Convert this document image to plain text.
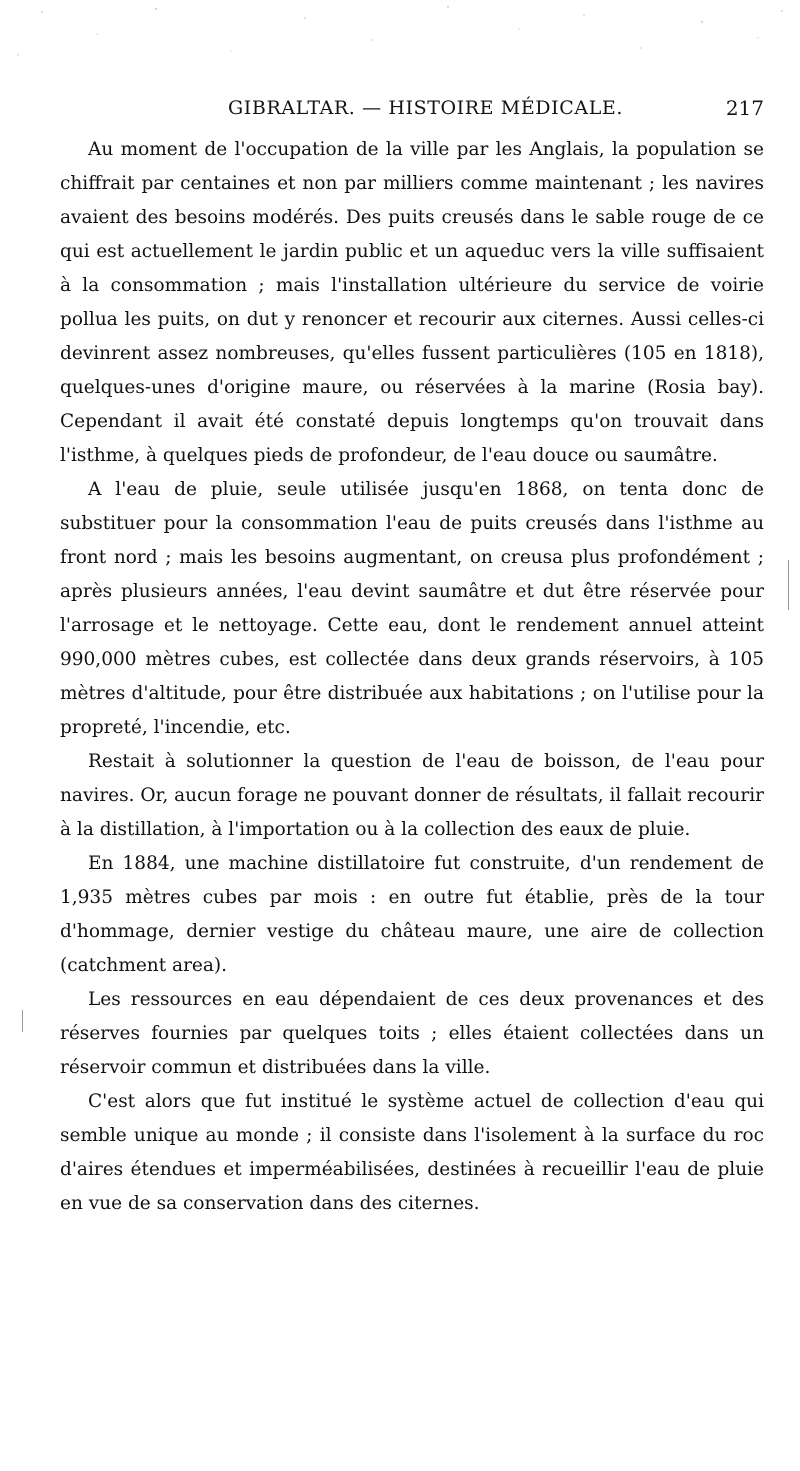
GIBRALTAR. — HISTOIRE MÉDICALE.	217

Au moment de l'occupation de la ville par les Anglais, la population se chiffrait par centaines et non par milliers comme maintenant ; les navires avaient des besoins modérés. Des puits creusés dans le sable rouge de ce qui est actuellement le jardin public et un aqueduc vers la ville suffisaient à la consommation ; mais l'installation ultérieure du service de voirie pollua les puits, on dut y renoncer et recourir aux citernes. Aussi celles-ci devinrent assez nombreuses, qu'elles fussent particulières (105 en 1818), quelques-unes d'origine maure, ou réservées à la marine (Rosia bay). Cependant il avait été constaté depuis longtemps qu'on trouvait dans l'isthme, à quelques pieds de profondeur, de l'eau douce ou saumâtre.

A l'eau de pluie, seule utilisée jusqu'en 1868, on tenta donc de substituer pour la consommation l'eau de puits creusés dans l'isthme au front nord ; mais les besoins augmentant, on creusa plus profondément ; après plusieurs années, l'eau devint saumâtre et dut être réservée pour l'arrosage et le nettoyage. Cette eau, dont le rendement annuel atteint 990,000 mètres cubes, est collectée dans deux grands réservoirs, à 105 mètres d'altitude, pour être distribuée aux habitations ; on l'utilise pour la propreté, l'incendie, etc.

Restait à solutionner la question de l'eau de boisson, de l'eau pour navires. Or, aucun forage ne pouvant donner de résultats, il fallait recourir à la distillation, à l'importation ou à la collection des eaux de pluie.

En 1884, une machine distillatoire fut construite, d'un rendement de 1,935 mètres cubes par mois : en outre fut établie, près de la tour d'hommage, dernier vestige du château maure, une aire de collection (catchment area).

Les ressources en eau dépendaient de ces deux provenances et des réserves fournies par quelques toits ; elles étaient collectées dans un réservoir commun et distribuées dans la ville.

C'est alors que fut institué le système actuel de collection d'eau qui semble unique au monde ; il consiste dans l'isolement à la surface du roc d'aires étendues et imperméabilisées, destinées à recueillir l'eau de pluie en vue de sa conservation dans des citernes.
